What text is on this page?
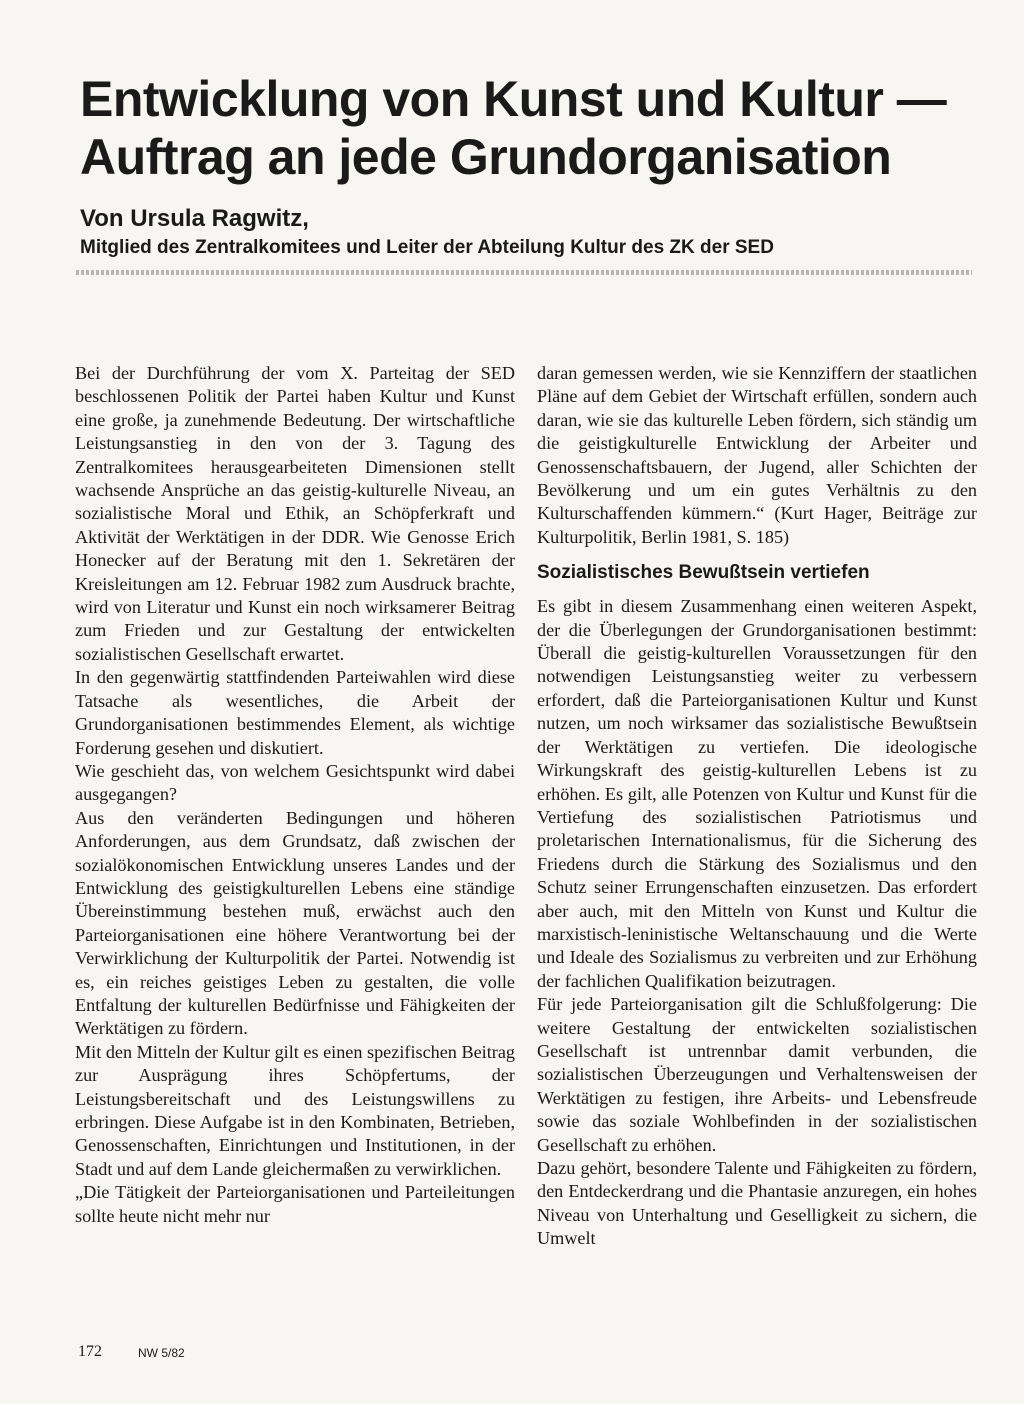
Entwicklung von Kunst und Kultur —
Auftrag an jede Grundorganisation
Von Ursula Ragwitz,
Mitglied des Zentralkomitees und Leiter der Abteilung Kultur des ZK der SED

Bei der Durchführung der vom X. Parteitag der SED beschlossenen Politik der Partei haben Kultur und Kunst eine große, ja zunehmende Bedeutung. Der wirtschaftliche Leistungsanstieg in den von der 3. Tagung des Zentralkomitees herausgearbeiteten Dimensionen stellt wachsende Ansprüche an das geistig-kulturelle Niveau, an sozialistische Moral und Ethik, an Schöpferkraft und Aktivität der Werktätigen in der DDR. Wie Genosse Erich Honecker auf der Beratung mit den 1. Sekretären der Kreisleitungen am 12. Februar 1982 zum Ausdruck brachte, wird von Literatur und Kunst ein noch wirksamerer Beitrag zum Frieden und zur Gestaltung der entwickelten sozialistischen Gesellschaft erwartet.

In den gegenwärtig stattfindenden Parteiwahlen wird diese Tatsache als wesentliches, die Arbeit der Grundorganisationen bestimmendes Element, als wichtige Forderung gesehen und diskutiert.

Wie geschieht das, von welchem Gesichtspunkt wird dabei ausgegangen?

Aus den veränderten Bedingungen und höheren Anforderungen, aus dem Grundsatz, daß zwischen der sozialökonomischen Entwicklung unseres Landes und der Entwicklung des geistigkulturellen Lebens eine ständige Übereinstimmung bestehen muß, erwächst auch den Parteiorganisationen eine höhere Verantwortung bei der Verwirklichung der Kulturpolitik der Partei. Notwendig ist es, ein reiches geistiges Leben zu gestalten, die volle Entfaltung der kulturellen Bedürfnisse und Fähigkeiten der Werktätigen zu fördern.

Mit den Mitteln der Kultur gilt es einen spezifischen Beitrag zur Ausprägung ihres Schöpfertums, der Leistungsbereitschaft und des Leistungswillens zu erbringen. Diese Aufgabe ist in den Kombinaten, Betrieben, Genossenschaften, Einrichtungen und Institutionen, in der Stadt und auf dem Lande gleichermaßen zu verwirklichen.

„Die Tätigkeit der Parteiorganisationen und Parteileitungen sollte heute nicht mehr nur

daran gemessen werden, wie sie Kennziffern der staatlichen Pläne auf dem Gebiet der Wirtschaft erfüllen, sondern auch daran, wie sie das kulturelle Leben fördern, sich ständig um die geistigkulturelle Entwicklung der Arbeiter und Genossenschaftsbauern, der Jugend, aller Schichten der Bevölkerung und um ein gutes Verhältnis zu den Kulturschaffenden kümmern.“ (Kurt Hager, Beiträge zur Kulturpolitik, Berlin 1981, S. 185)

Sozialistisches Bewußtsein vertiefen

Es gibt in diesem Zusammenhang einen weiteren Aspekt, der die Überlegungen der Grundorganisationen bestimmt: Überall die geistig-kulturellen Voraussetzungen für den notwendigen Leistungsanstieg weiter zu verbessern erfordert, daß die Parteiorganisationen Kultur und Kunst nutzen, um noch wirksamer das sozialistische Bewußtsein der Werktätigen zu vertiefen. Die ideologische Wirkungskraft des geistig-kulturellen Lebens ist zu erhöhen. Es gilt, alle Potenzen von Kultur und Kunst für die Vertiefung des sozialistischen Patriotismus und proletarischen Internationalismus, für die Sicherung des Friedens durch die Stärkung des Sozialismus und den Schutz seiner Errungenschaften einzusetzen. Das erfordert aber auch, mit den Mitteln von Kunst und Kultur die marxistisch-leninistische Weltanschauung und die Werte und Ideale des Sozialismus zu verbreiten und zur Erhöhung der fachlichen Qualifikation beizutragen.

Für jede Parteiorganisation gilt die Schlußfolgerung: Die weitere Gestaltung der entwickelten sozialistischen Gesellschaft ist untrennbar damit verbunden, die sozialistischen Überzeugungen und Verhaltensweisen der Werktätigen zu festigen, ihre Arbeits- und Lebensfreude sowie das soziale Wohlbefinden in der sozialistischen Gesellschaft zu erhöhen.

Dazu gehört, besondere Talente und Fähigkeiten zu fördern, den Entdeckerdrang und die Phantasie anzuregen, ein hohes Niveau von Unterhaltung und Geselligkeit zu sichern, die Umwelt

172	NW 5/82
